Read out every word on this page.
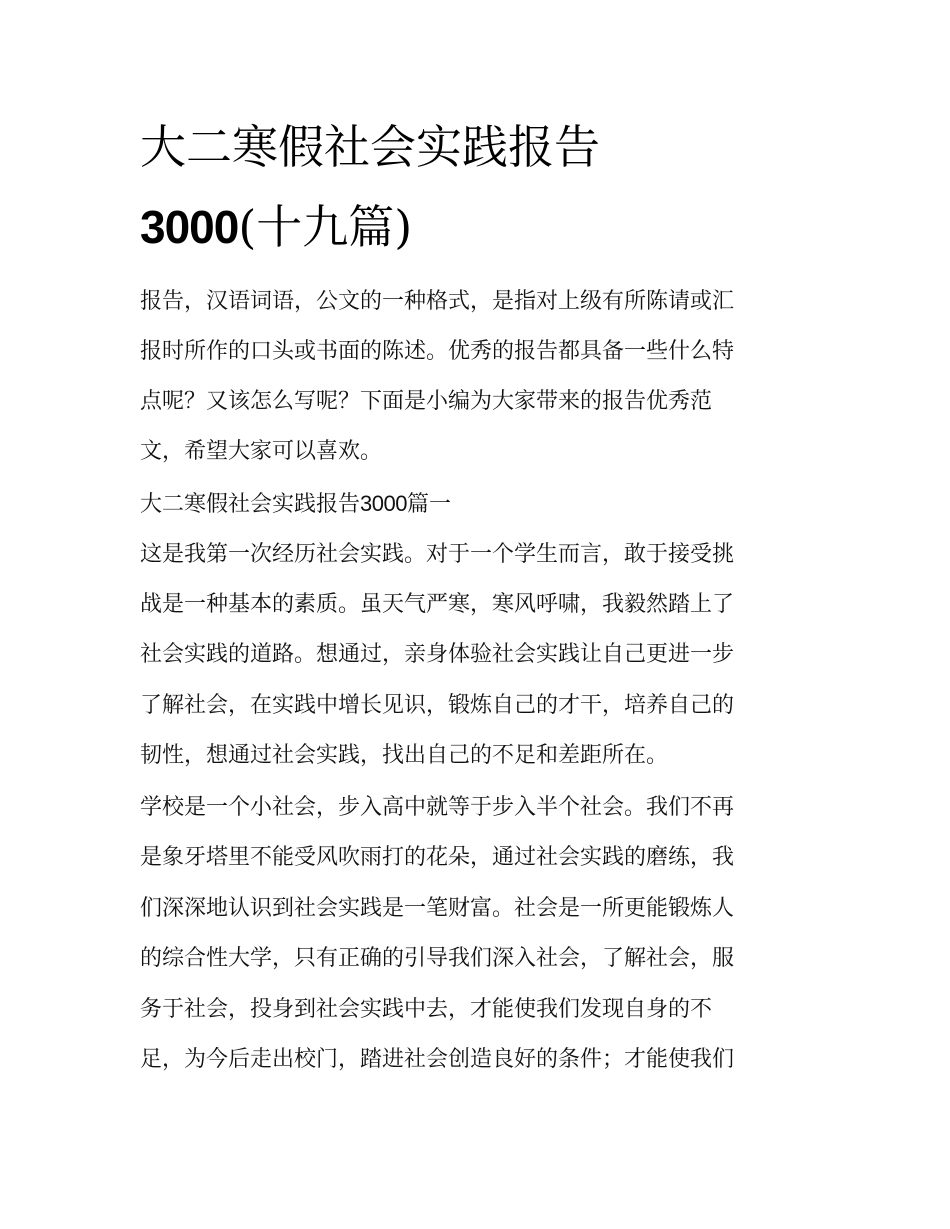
大二寒假社会实践报告
3000(十九篇)
报告，汉语词语，公文的一种格式，是指对上级有所陈请或汇
报时所作的口头或书面的陈述。优秀的报告都具备一些什么特
点呢？又该怎么写呢？下面是小编为大家带来的报告优秀范
文，希望大家可以喜欢。
大二寒假社会实践报告3000篇一
这是我第一次经历社会实践。对于一个学生而言，敢于接受挑
战是一种基本的素质。虽天气严寒，寒风呼啸，我毅然踏上了
社会实践的道路。想通过，亲身体验社会实践让自己更进一步
了解社会，在实践中增长见识，锻炼自己的才干，培养自己的
韧性，想通过社会实践，找出自己的不足和差距所在。
学校是一个小社会，步入高中就等于步入半个社会。我们不再
是象牙塔里不能受风吹雨打的花朵，通过社会实践的磨练，我
们深深地认识到社会实践是一笔财富。社会是一所更能锻炼人
的综合性大学，只有正确的引导我们深入社会，了解社会，服
务于社会，投身到社会实践中去，才能使我们发现自身的不
足，为今后走出校门，踏进社会创造良好的条件；才能使我们
